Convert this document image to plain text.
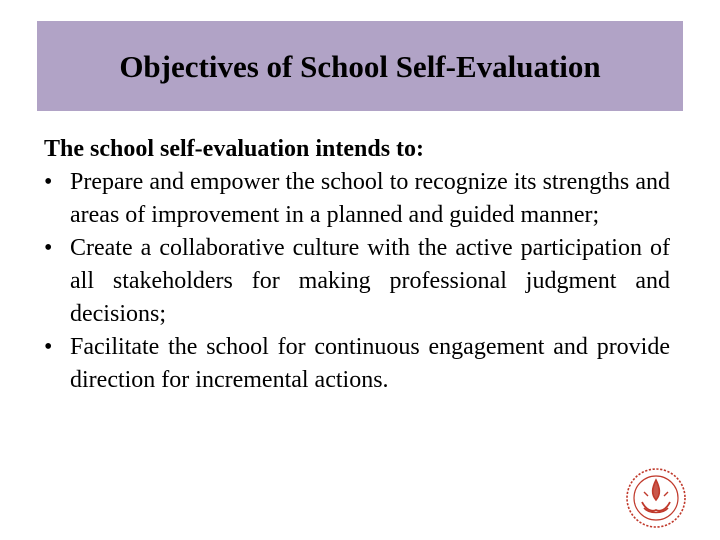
Objectives of School Self-Evaluation

The school self-evaluation intends to:

• Prepare and empower the school to recognize its strengths and areas of improvement in a planned and guided manner;
• Create a collaborative culture with the active participation of all stakeholders for making professional judgment and decisions;
• Facilitate the school for continuous engagement and provide direction for incremental actions.
